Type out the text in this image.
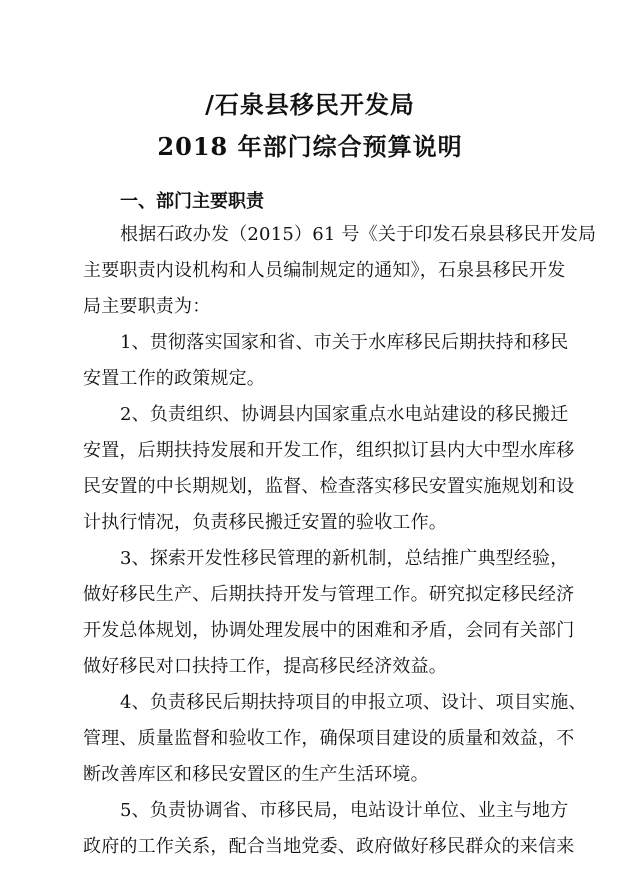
/石泉县移民开发局
2018 年部门综合预算说明
一、部门主要职责
根据石政办发（2015）61 号《关于印发石泉县移民开发局
主要职责内设机构和人员编制规定的通知》，石泉县移民开发
局主要职责为：
1、贯彻落实国家和省、市关于水库移民后期扶持和移民
安置工作的政策规定。
2、负责组织、协调县内国家重点水电站建设的移民搬迁
安置，后期扶持发展和开发工作，组织拟订县内大中型水库移
民安置的中长期规划，监督、检查落实移民安置实施规划和设
计执行情况，负责移民搬迁安置的验收工作。
3、探索开发性移民管理的新机制，总结推广典型经验，
做好移民生产、后期扶持开发与管理工作。研究拟定移民经济
开发总体规划，协调处理发展中的困难和矛盾，会同有关部门
做好移民对口扶持工作，提高移民经济效益。
4、负责移民后期扶持项目的申报立项、设计、项目实施、
管理、质量监督和验收工作，确保项目建设的质量和效益，不
断改善库区和移民安置区的生产生活环境。
5、负责协调省、市移民局，电站设计单位、业主与地方
政府的工作关系，配合当地党委、政府做好移民群众的来信来
